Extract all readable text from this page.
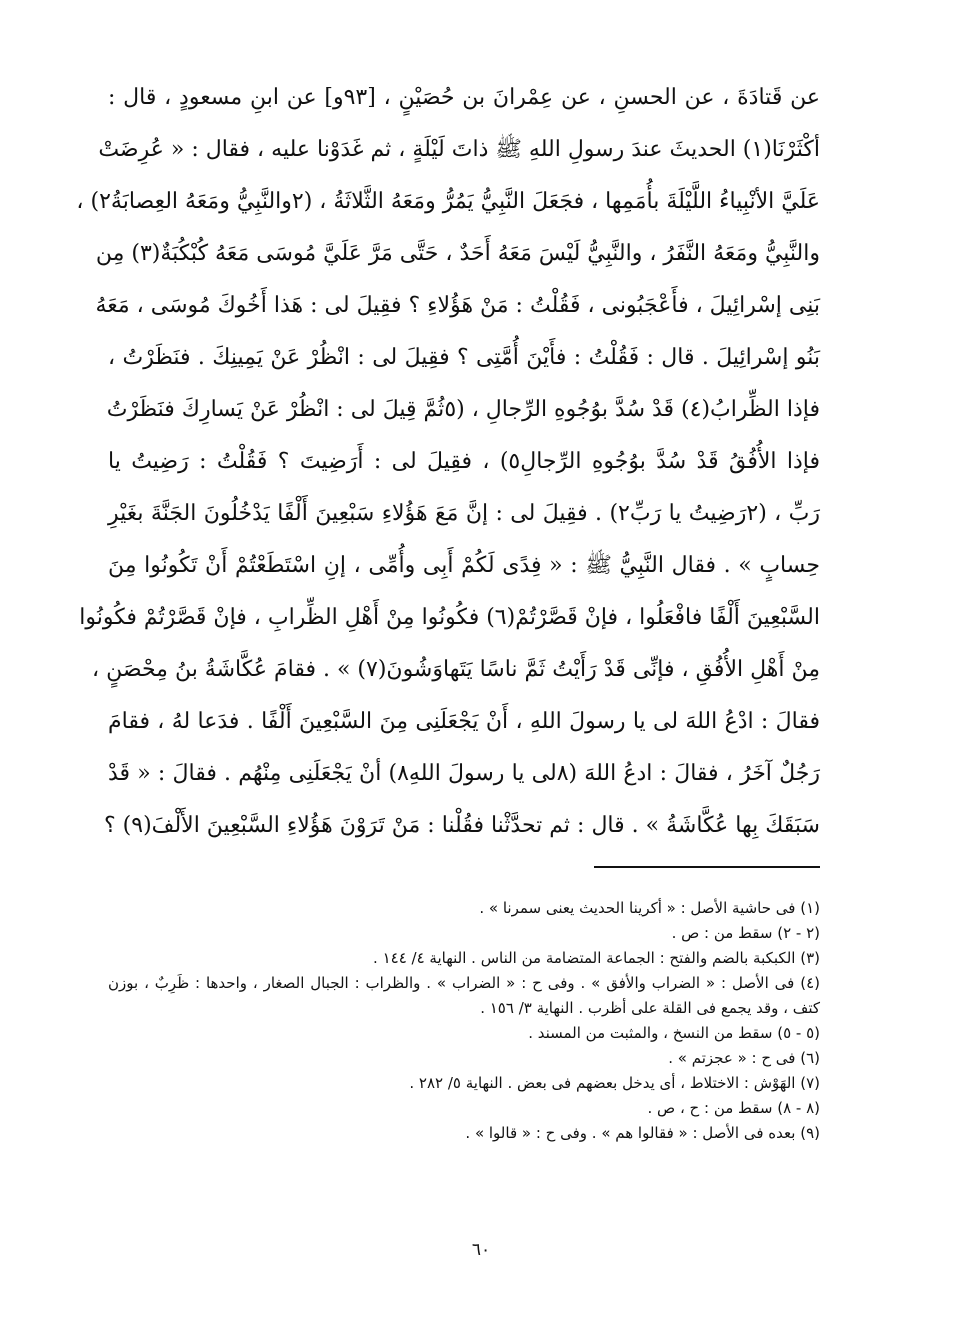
عن قَتادَةَ ، عن الحسنِ ، عن عِمْرانَ بن حُصَيْنٍ ، [٩٣و] عن ابنِ مسعودٍ ، قال :
أكْثَرْنَا(١) الحديثَ عندَ رسولِ اللهِ ﷺ ذاتَ لَيْلَةٍ ، ثم غَدَوْنا عليه ، فقال : « عُرِضَتْ
عَلَيَّ الأنْبِياءُ اللَّيْلَةَ بأُمَمِها ، فجَعَلَ النَّبِيُّ يَمُرُّ ومَعَهُ الثَّلاثَةُ ، (٢والنَّبِيُّ ومَعَهُ العِصابَةُ٢) ،
والنَّبِيُّ ومَعَهُ النَّفَرُ ، والنَّبِيُّ لَيْسَ مَعَهُ أَحَدٌ ، حَتَّى مَرَّ عَلَيَّ مُوسَى مَعَهُ كُبْكُبَةٌ(٣) مِن
بَنِى إسْرائِيلَ ، فأَعْجَبُونى ، فَقُلْتُ : مَنْ هَؤُلاءِ ؟ فقِيلَ لى : هَذا أَخُوكَ مُوسَى ، مَعَهُ
بَنُو إسْرائِيلَ . قال : فَقُلْتُ : فأَيْنَ أُمَّتِى ؟ فقِيلَ لى : انْظُرْ عَنْ يَمِينِكَ . فنَظَرْتُ ،
فإذا الظِّرابُ(٤) قَدْ سُدَّ بوُجُوهِ الرِّجالِ ، (٥ثُمَّ قِيلَ لى : انْظُرْ عَنْ يَسارِكَ فنَظَرْتُ
فإذا الأُفُقُ قَدْ سُدَّ بوُجُوهِ الرِّجالِ٥) ، فقِيلَ لى : أَرَضِيتَ ؟ فَقُلْتُ : رَضِيتُ يا
رَبِّ ، (٢رَضِيتُ يا رَبِّ٢) . فقِيلَ لى : إنَّ مَعَ هَؤُلاءِ سَبْعِينَ أَلْفًا يَدْخُلُونَ الجَنَّةَ بغَيْرِ
حِسابٍ » . فقال النَّبِيُّ ﷺ : « فِدًى لَكُمْ أَبِى وأُمِّى ، إنِ اسْتَطَعْتُمْ أَنْ تَكُونُوا مِنَ
السَّبْعِينَ أَلْفًا فافْعَلُوا ، فإنْ قَصَّرْتُمْ(٦) فكُونُوا مِنْ أَهْلِ الظِّرابِ ، فإنْ قَصَّرْتُمْ فكُونُوا
مِنْ أَهْلِ الأُفُقِ ، فإنِّى قَدْ رَأَيْتُ ثَمَّ ناسًا يَتَهاوَشُونَ(٧) » . فقامَ عُكَّاشَةُ بنُ مِحْصَنٍ ،
فقالَ : ادْعُ اللهَ لى يا رسولَ اللهِ ، أَنْ يَجْعَلَنِى مِنَ السَّبْعِينَ أَلْفًا . فدَعا لهُ ، فقامَ
رَجُلٌ آخَرُ ، فقالَ : ادعُ اللهَ (٨لى يا رسولَ اللهِ٨) أنْ يَجْعَلَنِى مِنْهُم . فقالَ : « قَدْ
سَبَقَكَ بِها عُكَّاشَةُ » . قال : ثم تحدَّثْنا فقُلْنا : مَنْ تَرَوْنَ هَؤُلاءِ السَّبْعِينَ الأَلْفَ(٩) ؟
(١) فى حاشية الأصل : « أكرينا الحديث يعنى سمرنا » .
(٢ - ٢) سقط من : ص .
(٣) الكبكبة بالضم والفتح : الجماعة المتضامة من الناس . النهاية ٤/ ١٤٤ .
(٤) فى الأصل : « الضراب والأفق » . وفى ح : « الضراب » . والظراب : الجبال الصغار ، واحدها : ظَرِبٌ ، بوزن كتف ، وقد يجمع فى القلة على أظرب . النهاية ٣/ ١٥٦ .
(٥ - ٥) سقط من النسخ ، والمثبت من المسند .
(٦) فى ح : « عجزتم » .
(٧) الهَوْش : الاختلاط ، أى يدخل بعضهم فى بعض . النهاية ٥/ ٢٨٢ .
(٨ - ٨) سقط من : ح ، ص .
(٩) بعده فى الأصل : « فقالوا هم » . وفى ح : « قالوا » .
٦٠
